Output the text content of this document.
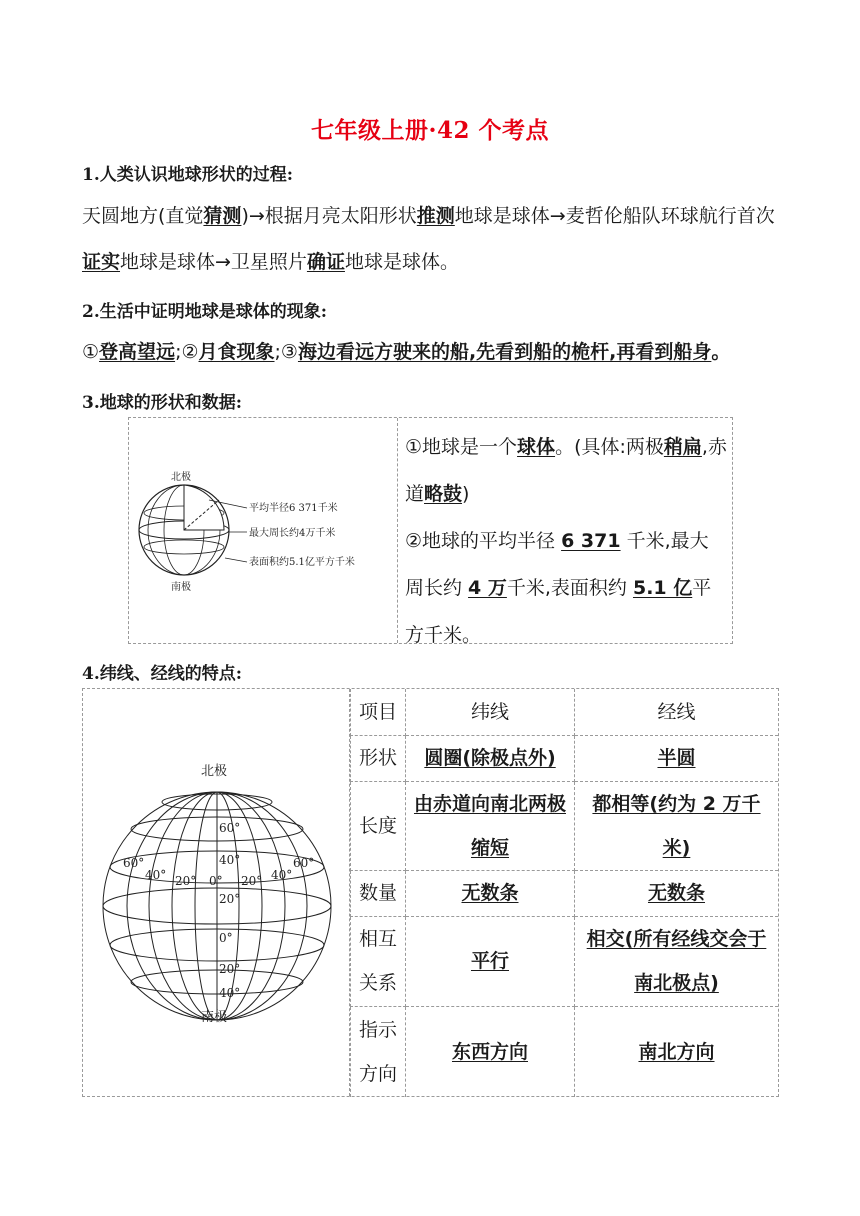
七年级上册·42 个考点
1.人类认识地球形状的过程:
天圆地方(直觉猜测)→根据月亮太阳形状推测地球是球体→麦哲伦船队环球航行首次证实地球是球体→卫星照片确证地球是球体。
2.生活中证明地球是球体的现象:
①登高望远;②月食现象;③海边看远方驶来的船,先看到船的桅杆,再看到船身。
3.地球的形状和数据:
北极
南极
平均半径6 371千米
最大周长约4万千米
表面积约5.1亿平方千米
①地球是一个球体。(具体:两极稍扁,赤道略鼓)
②地球的平均半径 6 371 千米,最大周长约 4 万千米,表面积约 5.1 亿平方千米。
4.纬线、经线的特点:
北极
南极
60°
40°
20°
0°
20°
40°
60°
40° 20° 0° 20° 40°
60°
项目	纬线	经线
形状	圆圈(除极点外)	半圆
长度	由赤道向南北两极缩短	都相等(约为 2 万千米)
数量	无数条	无数条
相互关系	平行	相交(所有经线交会于南北极点)
指示方向	东西方向	南北方向
